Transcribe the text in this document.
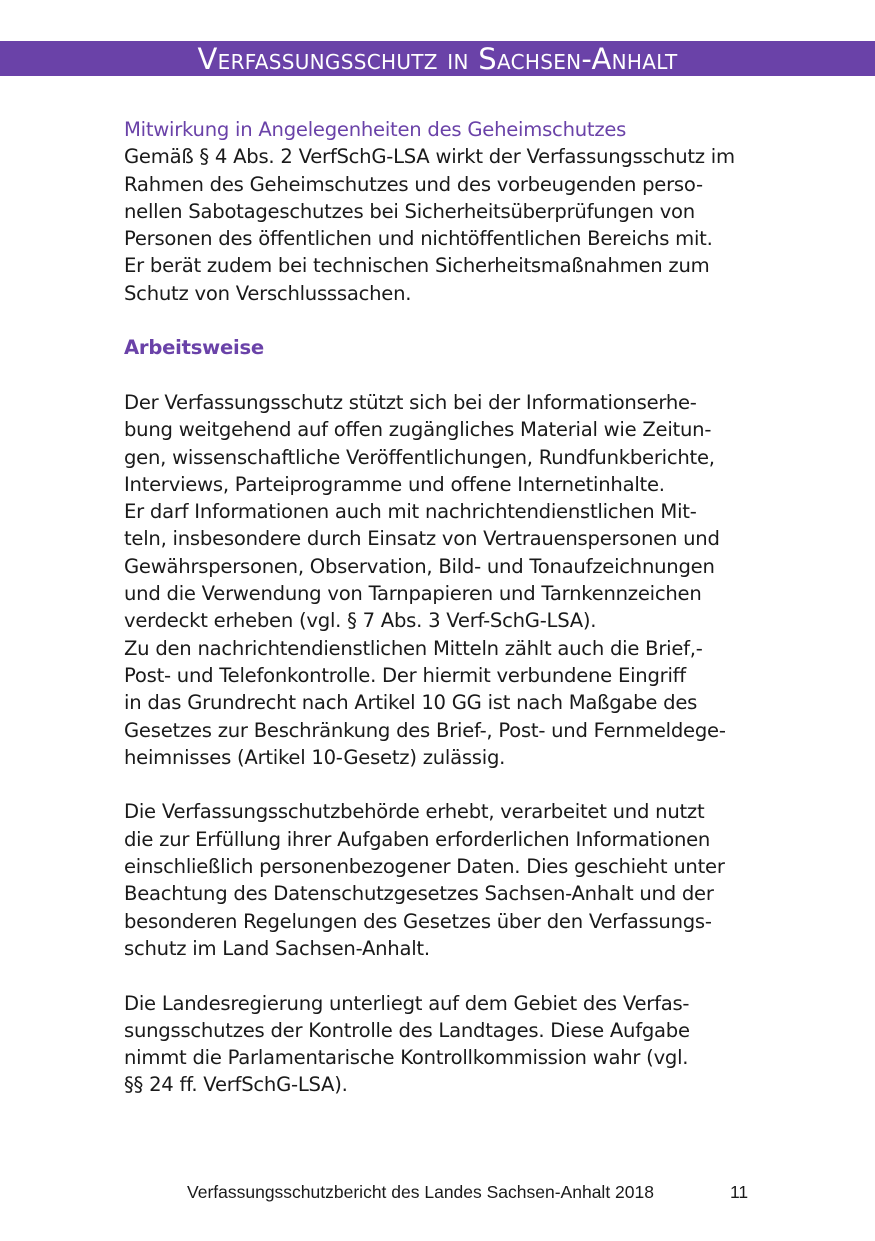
Verfassungsschutz in Sachsen-Anhalt
Mitwirkung in Angelegenheiten des Geheimschutzes
Gemäß § 4 Abs. 2 VerfSchG-LSA wirkt der Verfassungsschutz im
Rahmen des Geheimschutzes und des vorbeugenden perso-
nellen Sabotageschutzes bei Sicherheitsüberprüfungen von
Personen des öffentlichen und nichtöffentlichen Bereichs mit.
Er berät zudem bei technischen Sicherheitsmaßnahmen zum
Schutz von Verschlusssachen.
Arbeitsweise
Der Verfassungsschutz stützt sich bei der Informationserhe-
bung weitgehend auf offen zugängliches Material wie Zeitun-
gen, wissenschaftliche Veröffentlichungen, Rundfunkberichte,
Interviews, Parteiprogramme und offene Internetinhalte.
Er darf Informationen auch mit nachrichtendienstlichen Mit-
teln, insbesondere durch Einsatz von Vertrauenspersonen und
Gewährspersonen, Observation, Bild- und Tonaufzeichnungen
und die Verwendung von Tarnpapieren und Tarnkennzeichen
verdeckt erheben (vgl. § 7 Abs. 3 Verf-SchG-LSA).
Zu den nachrichtendienstlichen Mitteln zählt auch die Brief,-
Post- und Telefonkontrolle. Der hiermit verbundene Eingriff
in das Grundrecht nach Artikel 10 GG ist nach Maßgabe des
Gesetzes zur Beschränkung des Brief-, Post- und Fernmeldege-
heimnisses (Artikel 10-Gesetz) zulässig.
Die Verfassungsschutzbehörde erhebt, verarbeitet und nutzt
die zur Erfüllung ihrer Aufgaben erforderlichen Informationen
einschließlich personenbezogener Daten. Dies geschieht unter
Beachtung des Datenschutzgesetzes Sachsen-Anhalt und der
besonderen Regelungen des Gesetzes über den Verfassungs-
schutz im Land Sachsen-Anhalt.
Die Landesregierung unterliegt auf dem Gebiet des Verfas-
sungsschutzes der Kontrolle des Landtages. Diese Aufgabe
nimmt die Parlamentarische Kontrollkommission wahr (vgl.
§§ 24 ff. VerfSchG-LSA).
Verfassungsschutzbericht des Landes Sachsen-Anhalt 2018	11
